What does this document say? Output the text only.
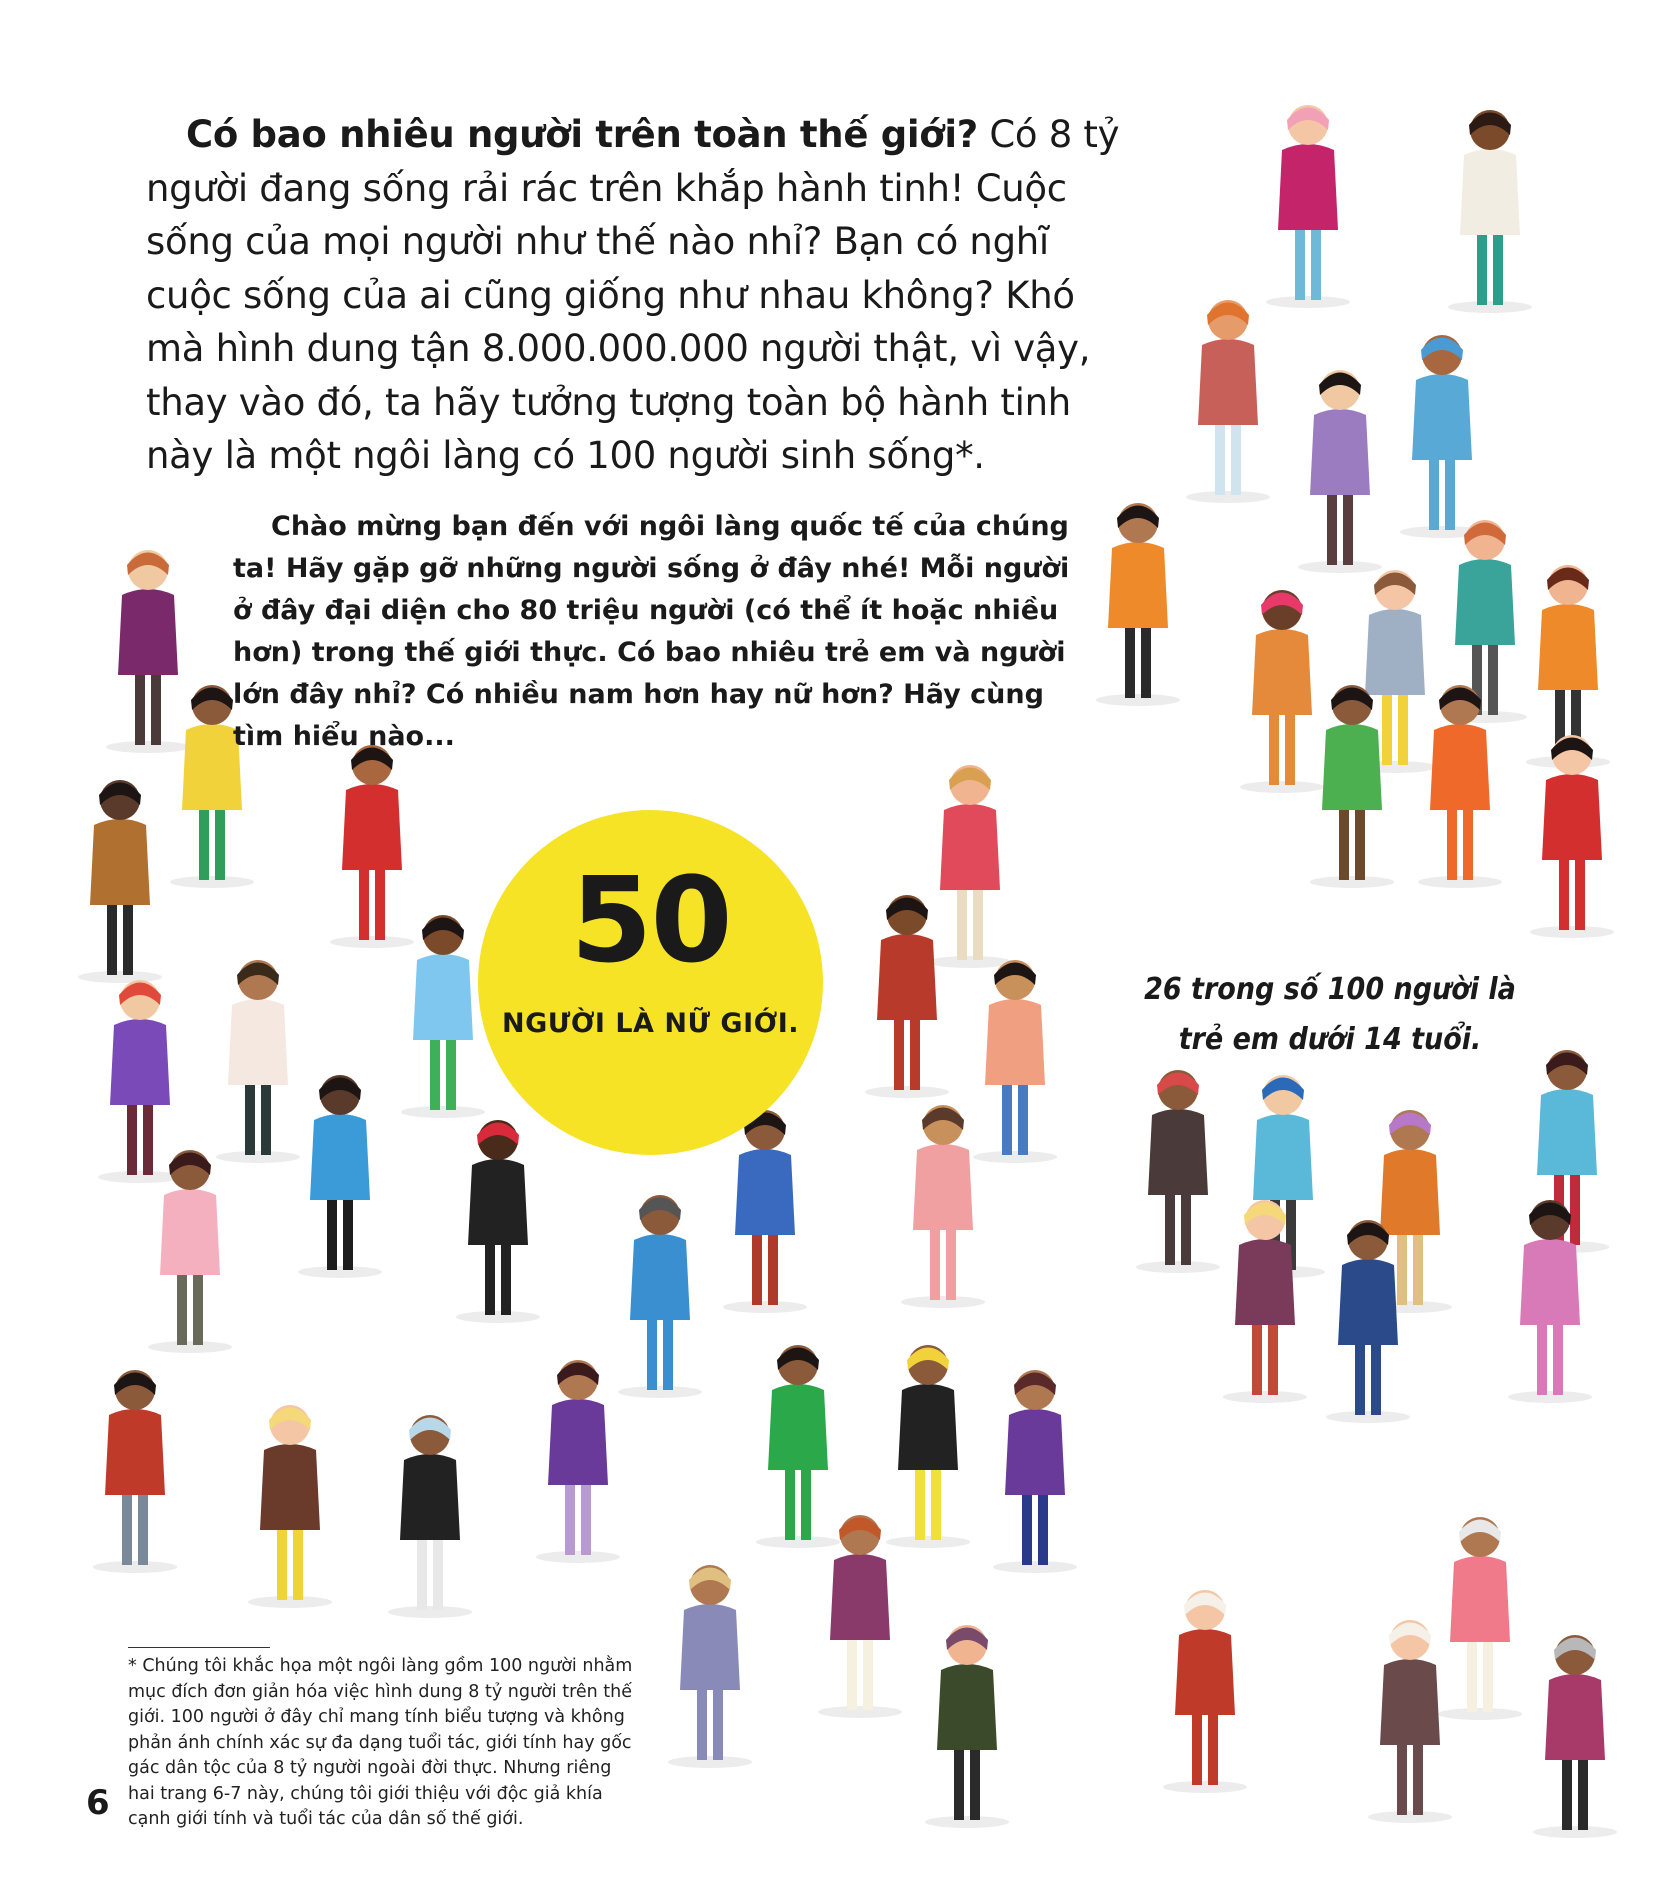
Có bao nhiêu người trên toàn thế giới? Có 8 tỷ người đang sống rải rác trên khắp hành tinh! Cuộc sống của mọi người như thế nào nhỉ? Bạn có nghĩ cuộc sống của ai cũng giống như nhau không? Khó mà hình dung tận 8.000.000.000 người thật, vì vậy, thay vào đó, ta hãy tưởng tượng toàn bộ hành tinh này là một ngôi làng có 100 người sinh sống*.
Chào mừng bạn đến với ngôi làng quốc tế của chúng ta! Hãy gặp gỡ những người sống ở đây nhé! Mỗi người ở đây đại diện cho 80 triệu người (có thể ít hoặc nhiều hơn) trong thế giới thực. Có bao nhiêu trẻ em và người lớn đây nhỉ? Có nhiều nam hơn hay nữ hơn? Hãy cùng tìm hiểu nào...
50
NGƯỜI LÀ NỮ GIỚI.
26 trong số 100 người là
trẻ em dưới 14 tuổi.
* Chúng tôi khắc họa một ngôi làng gồm 100 người nhằm mục đích đơn giản hóa việc hình dung 8 tỷ người trên thế giới. 100 người ở đây chỉ mang tính biểu tượng và không phản ánh chính xác sự đa dạng tuổi tác, giới tính hay gốc gác dân tộc của 8 tỷ người ngoài đời thực. Nhưng riêng hai trang 6-7 này, chúng tôi giới thiệu với độc giả khía cạnh giới tính và tuổi tác của dân số thế giới.
6
